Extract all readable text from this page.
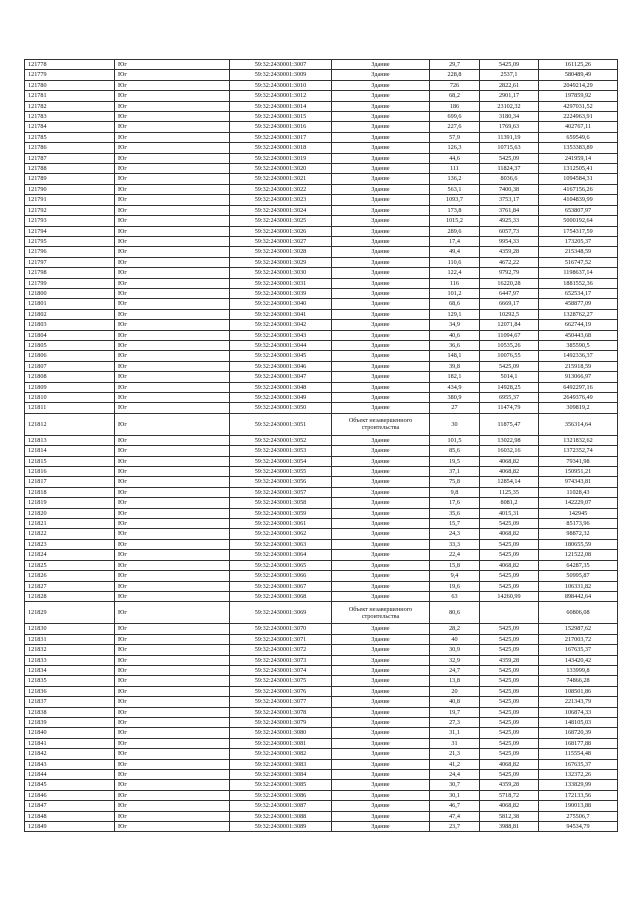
121778	Юг	59:32:2430001:3007	Здание	29,7	5425,09	161125,26
121779	Юг	59:32:2430001:3009	Здание	228,8	2537,1	580489,49
121780	Юг	59:32:2430001:3010	Здание	726	2822,61	2049214,29
121781	Юг	59:32:2430001:3012	Здание	68,2	2901,17	197859,92
121782	Юг	59:32:2430001:3014	Здание	186	23102,32	4297031,52
121783	Юг	59:32:2430001:3015	Здание	699,6	3180,34	2224963,91
121784	Юг	59:32:2430001:3016	Здание	227,6	1769,63	402767,11
121785	Юг	59:32:2430001:3017	Здание	57,9	11391,19	659549,6
121786	Юг	59:32:2430001:3018	Здание	126,3	10715,63	1353383,89
121787	Юг	59:32:2430001:3019	Здание	44,6	5425,09	241959,14
121788	Юг	59:32:2430001:3020	Здание	111	11824,37	1312505,41
121789	Юг	59:32:2430001:3021	Здание	136,2	8036,6	1094584,31
121790	Юг	59:32:2430001:3022	Здание	563,1	7400,38	4167156,26
121791	Юг	59:32:2430001:3023	Здание	1093,7	3753,17	4104839,99
121792	Юг	59:32:2430001:3024	Здание	173,8	3761,84	653807,97
121793	Юг	59:32:2430001:3025	Здание	1015,2	4925,33	5000192,64
121794	Юг	59:32:2430001:3026	Здание	289,6	6057,73	1754317,59
121795	Юг	59:32:2430001:3027	Здание	17,4	9954,33	173205,37
121796	Юг	59:32:2430001:3028	Здание	49,4	4359,28	215348,59
121797	Юг	59:32:2430001:3029	Здание	110,6	4672,22	516747,52
121798	Юг	59:32:2430001:3030	Здание	122,4	9792,79	1198637,14
121799	Юг	59:32:2430001:3031	Здание	116	16220,28	1881552,36
121800	Юг	59:32:2430001:3039	Здание	101,2	6447,97	652534,17
121801	Юг	59:32:2430001:3040	Здание	68,6	6669,17	458877,09
121802	Юг	59:32:2430001:3041	Здание	129,1	10292,5	1328762,27
121803	Юг	59:32:2430001:3042	Здание	34,9	12071,84	662744,19
121804	Юг	59:32:2430001:3043	Здание	40,6	11094,67	450443,68
121805	Юг	59:32:2430001:3044	Здание	36,6	10535,26	385590,5
121806	Юг	59:32:2430001:3045	Здание	148,1	10076,55	1492336,37
121807	Юг	59:32:2430001:3046	Здание	39,8	5425,09	215918,59
121808	Юг	59:32:2430001:3047	Здание	182,1	5014,1	913066,97
121809	Юг	59:32:2430001:3048	Здание	434,9	14928,25	6492297,16
121810	Юг	59:32:2430001:3049	Здание	380,9	6955,37	2649376,49
121811	Юг	59:32:2430001:3050	Здание	27	11474,79	309819,2
121812	Юг	59:32:2430001:3051	Объект незавершенного строительства	30	11875,47	356314,64
121813	Юг	59:32:2430001:3052	Здание	101,5	13022,98	1321832,62
121814	Юг	59:32:2430001:3053	Здание	85,6	16032,16	1372352,74
121815	Юг	59:32:2430001:3054	Здание	19,5	4068,82	79341,98
121816	Юг	59:32:2430001:3055	Здание	37,1	4068,82	150951,21
121817	Юг	59:32:2430001:3056	Здание	75,8	12854,14	974343,81
121818	Юг	59:32:2430001:3057	Здание	9,8	1125,35	11028,43
121819	Юг	59:32:2430001:3058	Здание	17,6	8081,2	142229,07
121820	Юг	59:32:2430001:3059	Здание	35,6	4015,31	142945
121821	Юг	59:32:2430001:3061	Здание	15,7	5425,09	85173,96
121822	Юг	59:32:2430001:3062	Здание	24,3	4068,82	98872,32
121823	Юг	59:32:2430001:3063	Здание	33,3	5425,09	180655,59
121824	Юг	59:32:2430001:3064	Здание	22,4	5425,09	121522,08
121825	Юг	59:32:2430001:3065	Здание	15,8	4068,82	64287,35
121826	Юг	59:32:2430001:3066	Здание	9,4	5425,09	50995,87
121827	Юг	59:32:2430001:3067	Здание	19,6	5425,09	106331,82
121828	Юг	59:32:2430001:3068	Здание	63	14260,99	898442,64
121829	Юг	59:32:2430001:3069	Объект незавершенного строительства	80,6		60806,08
121830	Юг	59:32:2430001:3070	Здание	28,2	5425,09	152987,62
121831	Юг	59:32:2430001:3071	Здание	40	5425,09	217003,72
121832	Юг	59:32:2430001:3072	Здание	30,9	5425,09	167635,37
121833	Юг	59:32:2430001:3073	Здание	32,9	4359,28	143420,42
121834	Юг	59:32:2430001:3074	Здание	24,7	5425,09	133999,8
121835	Юг	59:32:2430001:3075	Здание	13,8	5425,09	74866,28
121836	Юг	59:32:2430001:3076	Здание	20	5425,09	108501,86
121837	Юг	59:32:2430001:3077	Здание	40,8	5425,09	221343,79
121838	Юг	59:32:2430001:3078	Здание	19,7	5425,09	106874,33
121839	Юг	59:32:2430001:3079	Здание	27,3	5425,09	148105,03
121840	Юг	59:32:2430001:3080	Здание	31,1	5425,09	168720,39
121841	Юг	59:32:2430001:3081	Здание	31	5425,09	168177,88
121842	Юг	59:32:2430001:3082	Здание	21,3	5425,09	115554,48
121843	Юг	59:32:2430001:3083	Здание	41,2	4068,82	167635,37
121844	Юг	59:32:2430001:3084	Здание	24,4	5425,09	132372,26
121845	Юг	59:32:2430001:3085	Здание	30,7	4359,28	133829,99
121846	Юг	59:32:2430001:3086	Здание	30,1	5718,72	172133,56
121847	Юг	59:32:2430001:3087	Здание	46,7	4068,82	190013,88
121848	Юг	59:32:2430001:3088	Здание	47,4	5812,38	275506,7
121849	Юг	59:32:2430001:3089	Здание	23,7	3988,81	94534,79
